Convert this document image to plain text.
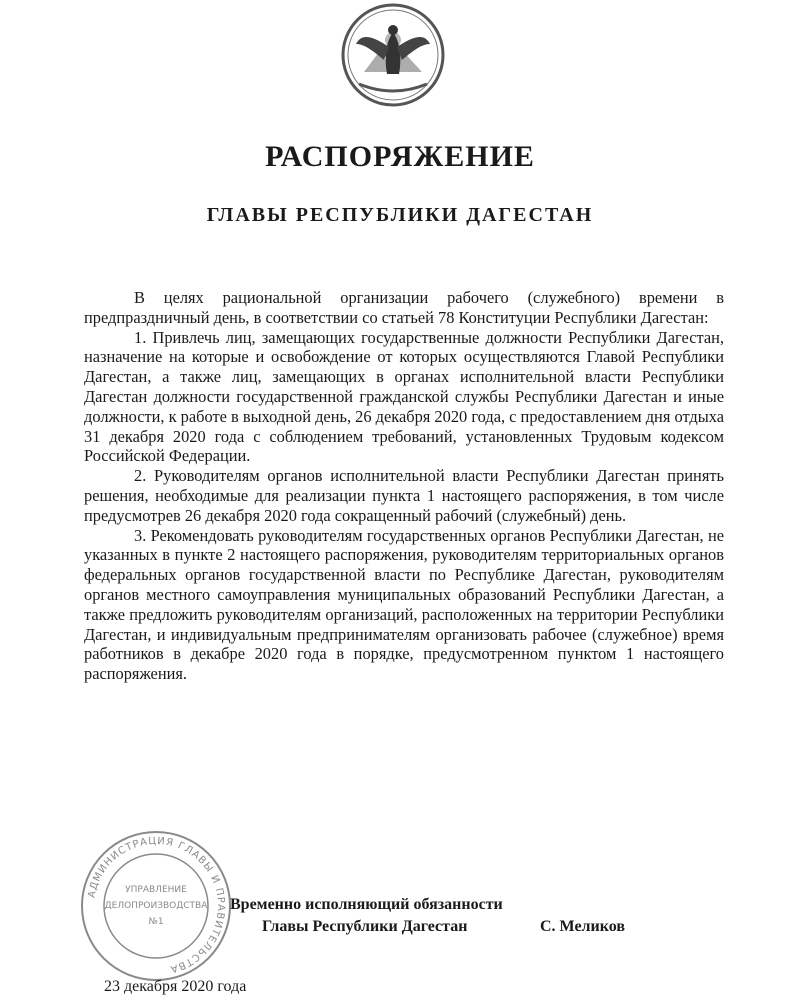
РАСПОРЯЖЕНИЕ
ГЛАВЫ РЕСПУБЛИКИ ДАГЕСТАН

В целях рациональной организации рабочего (служебного) времени в предпраздничный день, в соответствии со статьей 78 Конституции Республики Дагестан:

1. Привлечь лиц, замещающих государственные должности Республики Дагестан, назначение на которые и освобождение от которых осуществляются Главой Республики Дагестан, а также лиц, замещающих в органах исполнительной власти Республики Дагестан должности государственной гражданской службы Республики Дагестан и иные должности, к работе в выходной день, 26 декабря 2020 года, с предоставлением дня отдыха 31 декабря 2020 года с соблюдением требований, установленных Трудовым кодексом Российской Федерации.

2. Руководителям органов исполнительной власти Республики Дагестан принять решения, необходимые для реализации пункта 1 настоящего распоряжения, в том числе предусмотрев 26 декабря 2020 года сокращенный рабочий (служебный) день.

3. Рекомендовать руководителям государственных органов Республики Дагестан, не указанных в пункте 2 настоящего распоряжения, руководителям территориальных органов федеральных органов государственной власти по Республике Дагестан, руководителям органов местного самоуправления муниципальных образований Республики Дагестан, а также предложить руководителям организаций, расположенных на территории Республики Дагестан, и индивидуальным предпринимателям организовать рабочее (служебное) время работников в декабре 2020 года в порядке, предусмотренном пунктом 1 настоящего распоряжения.

АДМИНИСТРАЦИЯ ГЛАВЫ И ПРАВИТЕЛЬСТВА
УПРАВЛЕНИЕ
ДЕЛОПРОИЗВОДСТВА
№1
Временно исполняющий обязанности
Главы Республики Дагестан	С. Меликов
23 декабря 2020 года
